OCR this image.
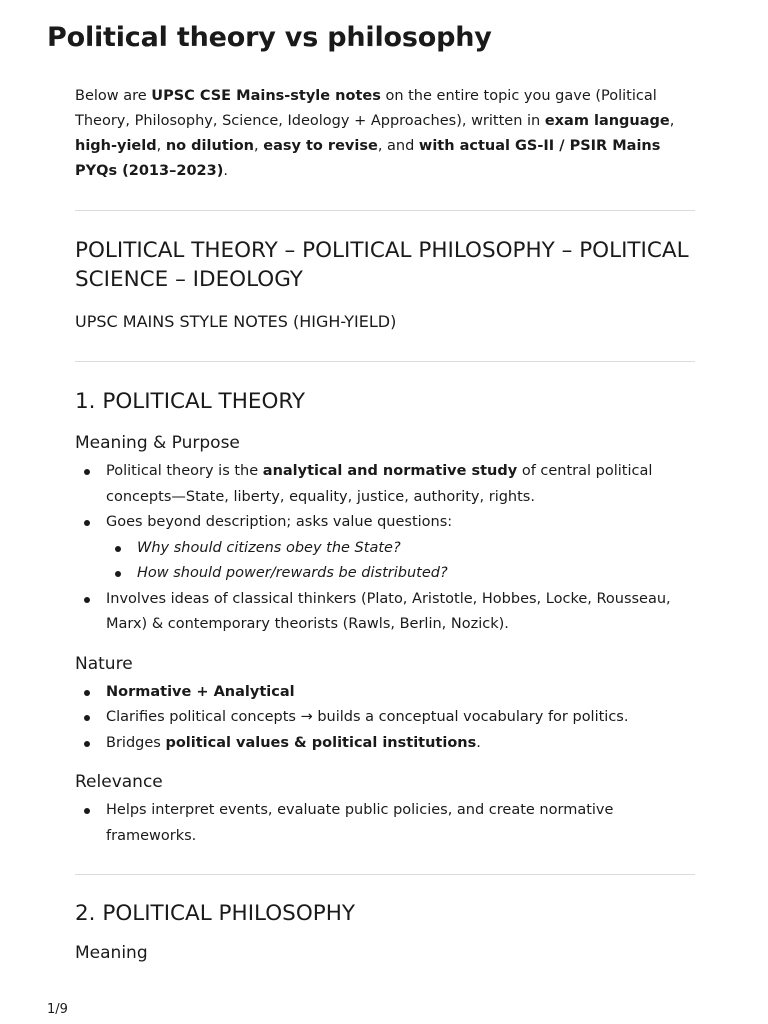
Political theory vs philosophy

Below are UPSC CSE Mains-style notes on the entire topic you gave (Political Theory, Philosophy, Science, Ideology + Approaches), written in exam language, high-yield, no dilution, easy to revise, and with actual GS-II / PSIR Mains PYQs (2013–2023).

POLITICAL THEORY – POLITICAL PHILOSOPHY – POLITICAL SCIENCE – IDEOLOGY
UPSC MAINS STYLE NOTES (HIGH-YIELD)
1. POLITICAL THEORY
Meaning & Purpose
Political theory is the analytical and normative study of central political concepts—State, liberty, equality, justice, authority, rights.
Goes beyond description; asks value questions:
Why should citizens obey the State?
How should power/rewards be distributed?
Involves ideas of classical thinkers (Plato, Aristotle, Hobbes, Locke, Rousseau, Marx) & contemporary theorists (Rawls, Berlin, Nozick).
Nature
Normative + Analytical
Clarifies political concepts → builds a conceptual vocabulary for politics.
Bridges political values & political institutions.
Relevance
Helps interpret events, evaluate public policies, and create normative frameworks.
2. POLITICAL PHILOSOPHY
Meaning
1/9
